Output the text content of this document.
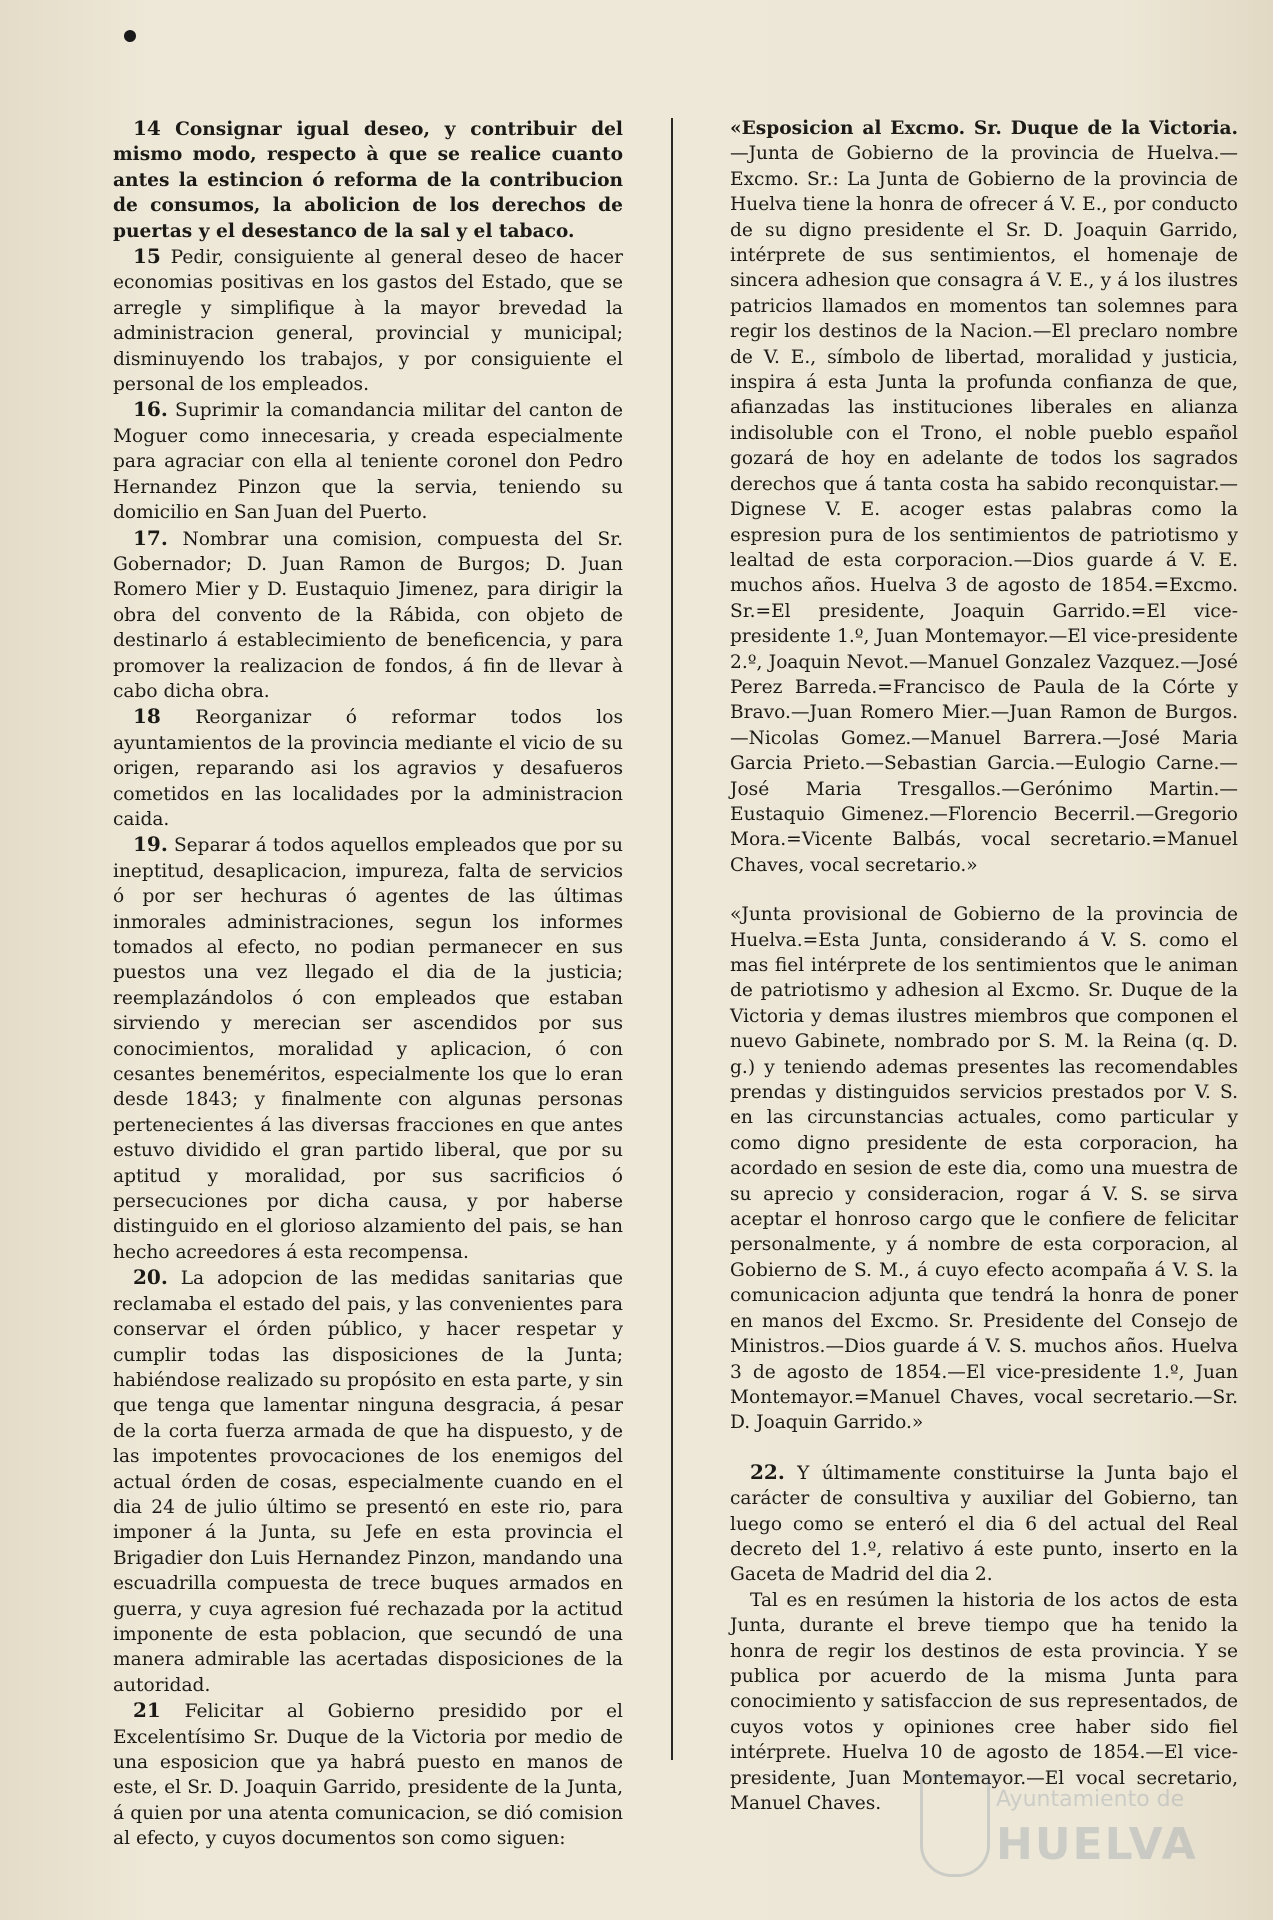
14 Consignar igual deseo, y contribuir del mismo modo, respecto à que se realice cuanto antes la estincion ó reforma de la contribucion de consumos, la abolicion de los derechos de puertas y el desestanco de la sal y el tabaco.

15 Pedir, consiguiente al general deseo de hacer economias positivas en los gastos del Estado, que se arregle y simplifique à la mayor brevedad la administracion general, provincial y municipal; disminuyendo los trabajos, y por consiguiente el personal de los empleados.

16. Suprimir la comandancia militar del canton de Moguer como innecesaria, y creada especialmente para agraciar con ella al teniente coronel don Pedro Hernandez Pinzon que la servia, teniendo su domicilio en San Juan del Puerto.

17. Nombrar una comision, compuesta del Sr. Gobernador; D. Juan Ramon de Burgos; D. Juan Romero Mier y D. Eustaquio Jimenez, para dirigir la obra del convento de la Rábida, con objeto de destinarlo á establecimiento de beneficencia, y para promover la realizacion de fondos, á fin de llevar à cabo dicha obra.

18 Reorganizar ó reformar todos los ayuntamientos de la provincia mediante el vicio de su origen, reparando asi los agravios y desafueros cometidos en las localidades por la administracion caida.

19. Separar á todos aquellos empleados que por su ineptitud, desaplicacion, impureza, falta de servicios ó por ser hechuras ó agentes de las últimas inmorales administraciones, segun los informes tomados al efecto, no podian permanecer en sus puestos una vez llegado el dia de la justicia; reemplazándolos ó con empleados que estaban sirviendo y merecian ser ascendidos por sus conocimientos, moralidad y aplicacion, ó con cesantes beneméritos, especialmente los que lo eran desde 1843; y finalmente con algunas personas pertenecientes á las diversas fracciones en que antes estuvo dividido el gran partido liberal, que por su aptitud y moralidad, por sus sacrificios ó persecuciones por dicha causa, y por haberse distinguido en el glorioso alzamiento del pais, se han hecho acreedores á esta recompensa.

20. La adopcion de las medidas sanitarias que reclamaba el estado del pais, y las convenientes para conservar el órden público, y hacer respetar y cumplir todas las disposiciones de la Junta; habiéndose realizado su propósito en esta parte, y sin que tenga que lamentar ninguna desgracia, á pesar de la corta fuerza armada de que ha dispuesto, y de las impotentes provocaciones de los enemigos del actual órden de cosas, especialmente cuando en el dia 24 de julio último se presentó en este rio, para imponer á la Junta, su Jefe en esta provincia el Brigadier don Luis Hernandez Pinzon, mandando una escuadrilla compuesta de trece buques armados en guerra, y cuya agresion fué rechazada por la actitud imponente de esta poblacion, que secundó de una manera admirable las acertadas disposiciones de la autoridad.

21 Felicitar al Gobierno presidido por el Excelentísimo Sr. Duque de la Victoria por medio de una esposicion que ya habrá puesto en manos de este, el Sr. D. Joaquin Garrido, presidente de la Junta, á quien por una atenta comunicacion, se dió comision al efecto, y cuyos documentos son como siguen:

«Esposicion al Excmo. Sr. Duque de la Victoria. —Junta de Gobierno de la provincia de Huelva.—Excmo. Sr.: La Junta de Gobierno de la provincia de Huelva tiene la honra de ofrecer á V. E., por conducto de su digno presidente el Sr. D. Joaquin Garrido, intérprete de sus sentimientos, el homenaje de sincera adhesion que consagra á V. E., y á los ilustres patricios llamados en momentos tan solemnes para regir los destinos de la Nacion.—El preclaro nombre de V. E., símbolo de libertad, moralidad y justicia, inspira á esta Junta la profunda confianza de que, afianzadas las instituciones liberales en alianza indisoluble con el Trono, el noble pueblo español gozará de hoy en adelante de todos los sagrados derechos que á tanta costa ha sabido reconquistar.—Dignese V. E. acoger estas palabras como la espresion pura de los sentimientos de patriotismo y lealtad de esta corporacion.—Dios guarde á V. E. muchos años. Huelva 3 de agosto de 1854.=Excmo. Sr.=El presidente, Joaquin Garrido.=El vice-presidente 1.º, Juan Montemayor.—El vice-presidente 2.º, Joaquin Nevot.—Manuel Gonzalez Vazquez.—José Perez Barreda.=Francisco de Paula de la Córte y Bravo.—Juan Romero Mier.—Juan Ramon de Burgos.—Nicolas Gomez.—Manuel Barrera.—José Maria Garcia Prieto.—Sebastian Garcia.—Eulogio Carne.—José Maria Tresgallos.—Gerónimo Martin.—Eustaquio Gimenez.—Florencio Becerril.—Gregorio Mora.=Vicente Balbás, vocal secretario.=Manuel Chaves, vocal secretario.»

«Junta provisional de Gobierno de la provincia de Huelva.=Esta Junta, considerando á V. S. como el mas fiel intérprete de los sentimientos que le animan de patriotismo y adhesion al Excmo. Sr. Duque de la Victoria y demas ilustres miembros que componen el nuevo Gabinete, nombrado por S. M. la Reina (q. D. g.) y teniendo ademas presentes las recomendables prendas y distinguidos servicios prestados por V. S. en las circunstancias actuales, como particular y como digno presidente de esta corporacion, ha acordado en sesion de este dia, como una muestra de su aprecio y consideracion, rogar á V. S. se sirva aceptar el honroso cargo que le confiere de felicitar personalmente, y á nombre de esta corporacion, al Gobierno de S. M., á cuyo efecto acompaña á V. S. la comunicacion adjunta que tendrá la honra de poner en manos del Excmo. Sr. Presidente del Consejo de Ministros.—Dios guarde á V. S. muchos años. Huelva 3 de agosto de 1854.—El vice-presidente 1.º, Juan Montemayor.=Manuel Chaves, vocal secretario.—Sr. D. Joaquin Garrido.»

22. Y últimamente constituirse la Junta bajo el carácter de consultiva y auxiliar del Gobierno, tan luego como se enteró el dia 6 del actual del Real decreto del 1.º, relativo á este punto, inserto en la Gaceta de Madrid del dia 2.

Tal es en resúmen la historia de los actos de esta Junta, durante el breve tiempo que ha tenido la honra de regir los destinos de esta provincia. Y se publica por acuerdo de la misma Junta para conocimiento y satisfaccion de sus representados, de cuyos votos y opiniones cree haber sido fiel intérprete. Huelva 10 de agosto de 1854.—El vice-presidente, Juan Montemayor.—El vocal secretario, Manuel Chaves.	Ayuntamiento de
HUELVA
